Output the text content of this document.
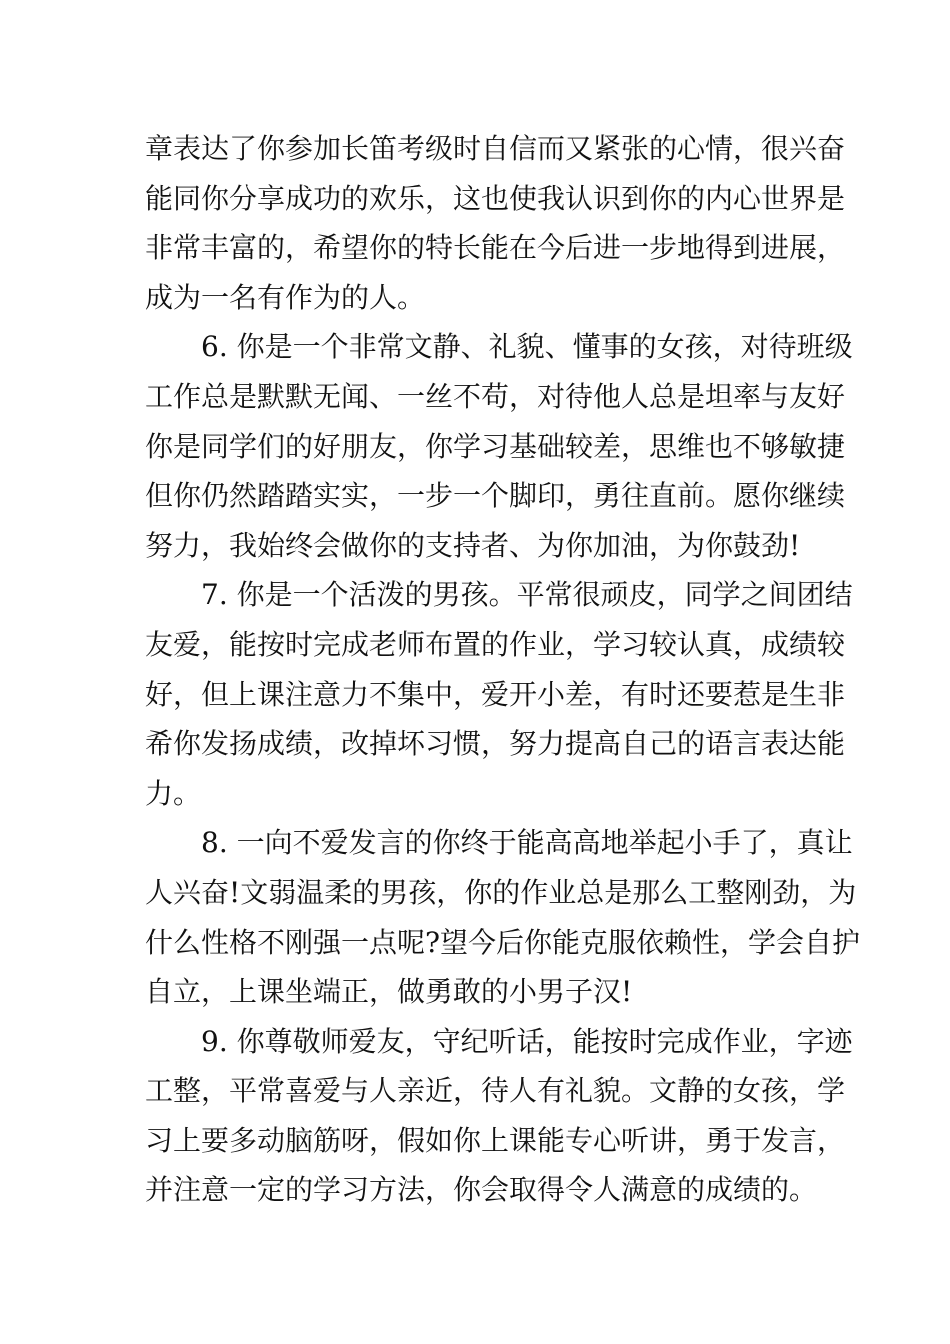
章表达了你参加长笛考级时自信而又紧张的心情，很兴奋
能同你分享成功的欢乐，这也使我认识到你的内心世界是
非常丰富的，希望你的特长能在今后进一步地得到进展，
成为一名有作为的人。
6. 你是一个非常文静、礼貌、懂事的女孩，对待班级
工作总是默默无闻、一丝不苟，对待他人总是坦率与友好
你是同学们的好朋友，你学习基础较差，思维也不够敏捷
但你仍然踏踏实实，一步一个脚印，勇往直前。愿你继续
努力，我始终会做你的支持者、为你加油，为你鼓劲!
7. 你是一个活泼的男孩。平常很顽皮，同学之间团结
友爱，能按时完成老师布置的作业，学习较认真，成绩较
好，但上课注意力不集中，爱开小差，有时还要惹是生非
希你发扬成绩，改掉坏习惯，努力提高自己的语言表达能
力。
8. 一向不爱发言的你终于能高高地举起小手了，真让
人兴奋!文弱温柔的男孩，你的作业总是那么工整刚劲，为
什么性格不刚强一点呢?望今后你能克服依赖性，学会自护
自立，上课坐端正，做勇敢的小男子汉!
9. 你尊敬师爱友，守纪听话，能按时完成作业，字迹
工整，平常喜爱与人亲近，待人有礼貌。文静的女孩，学
习上要多动脑筋呀，假如你上课能专心听讲，勇于发言，
并注意一定的学习方法，你会取得令人满意的成绩的。
